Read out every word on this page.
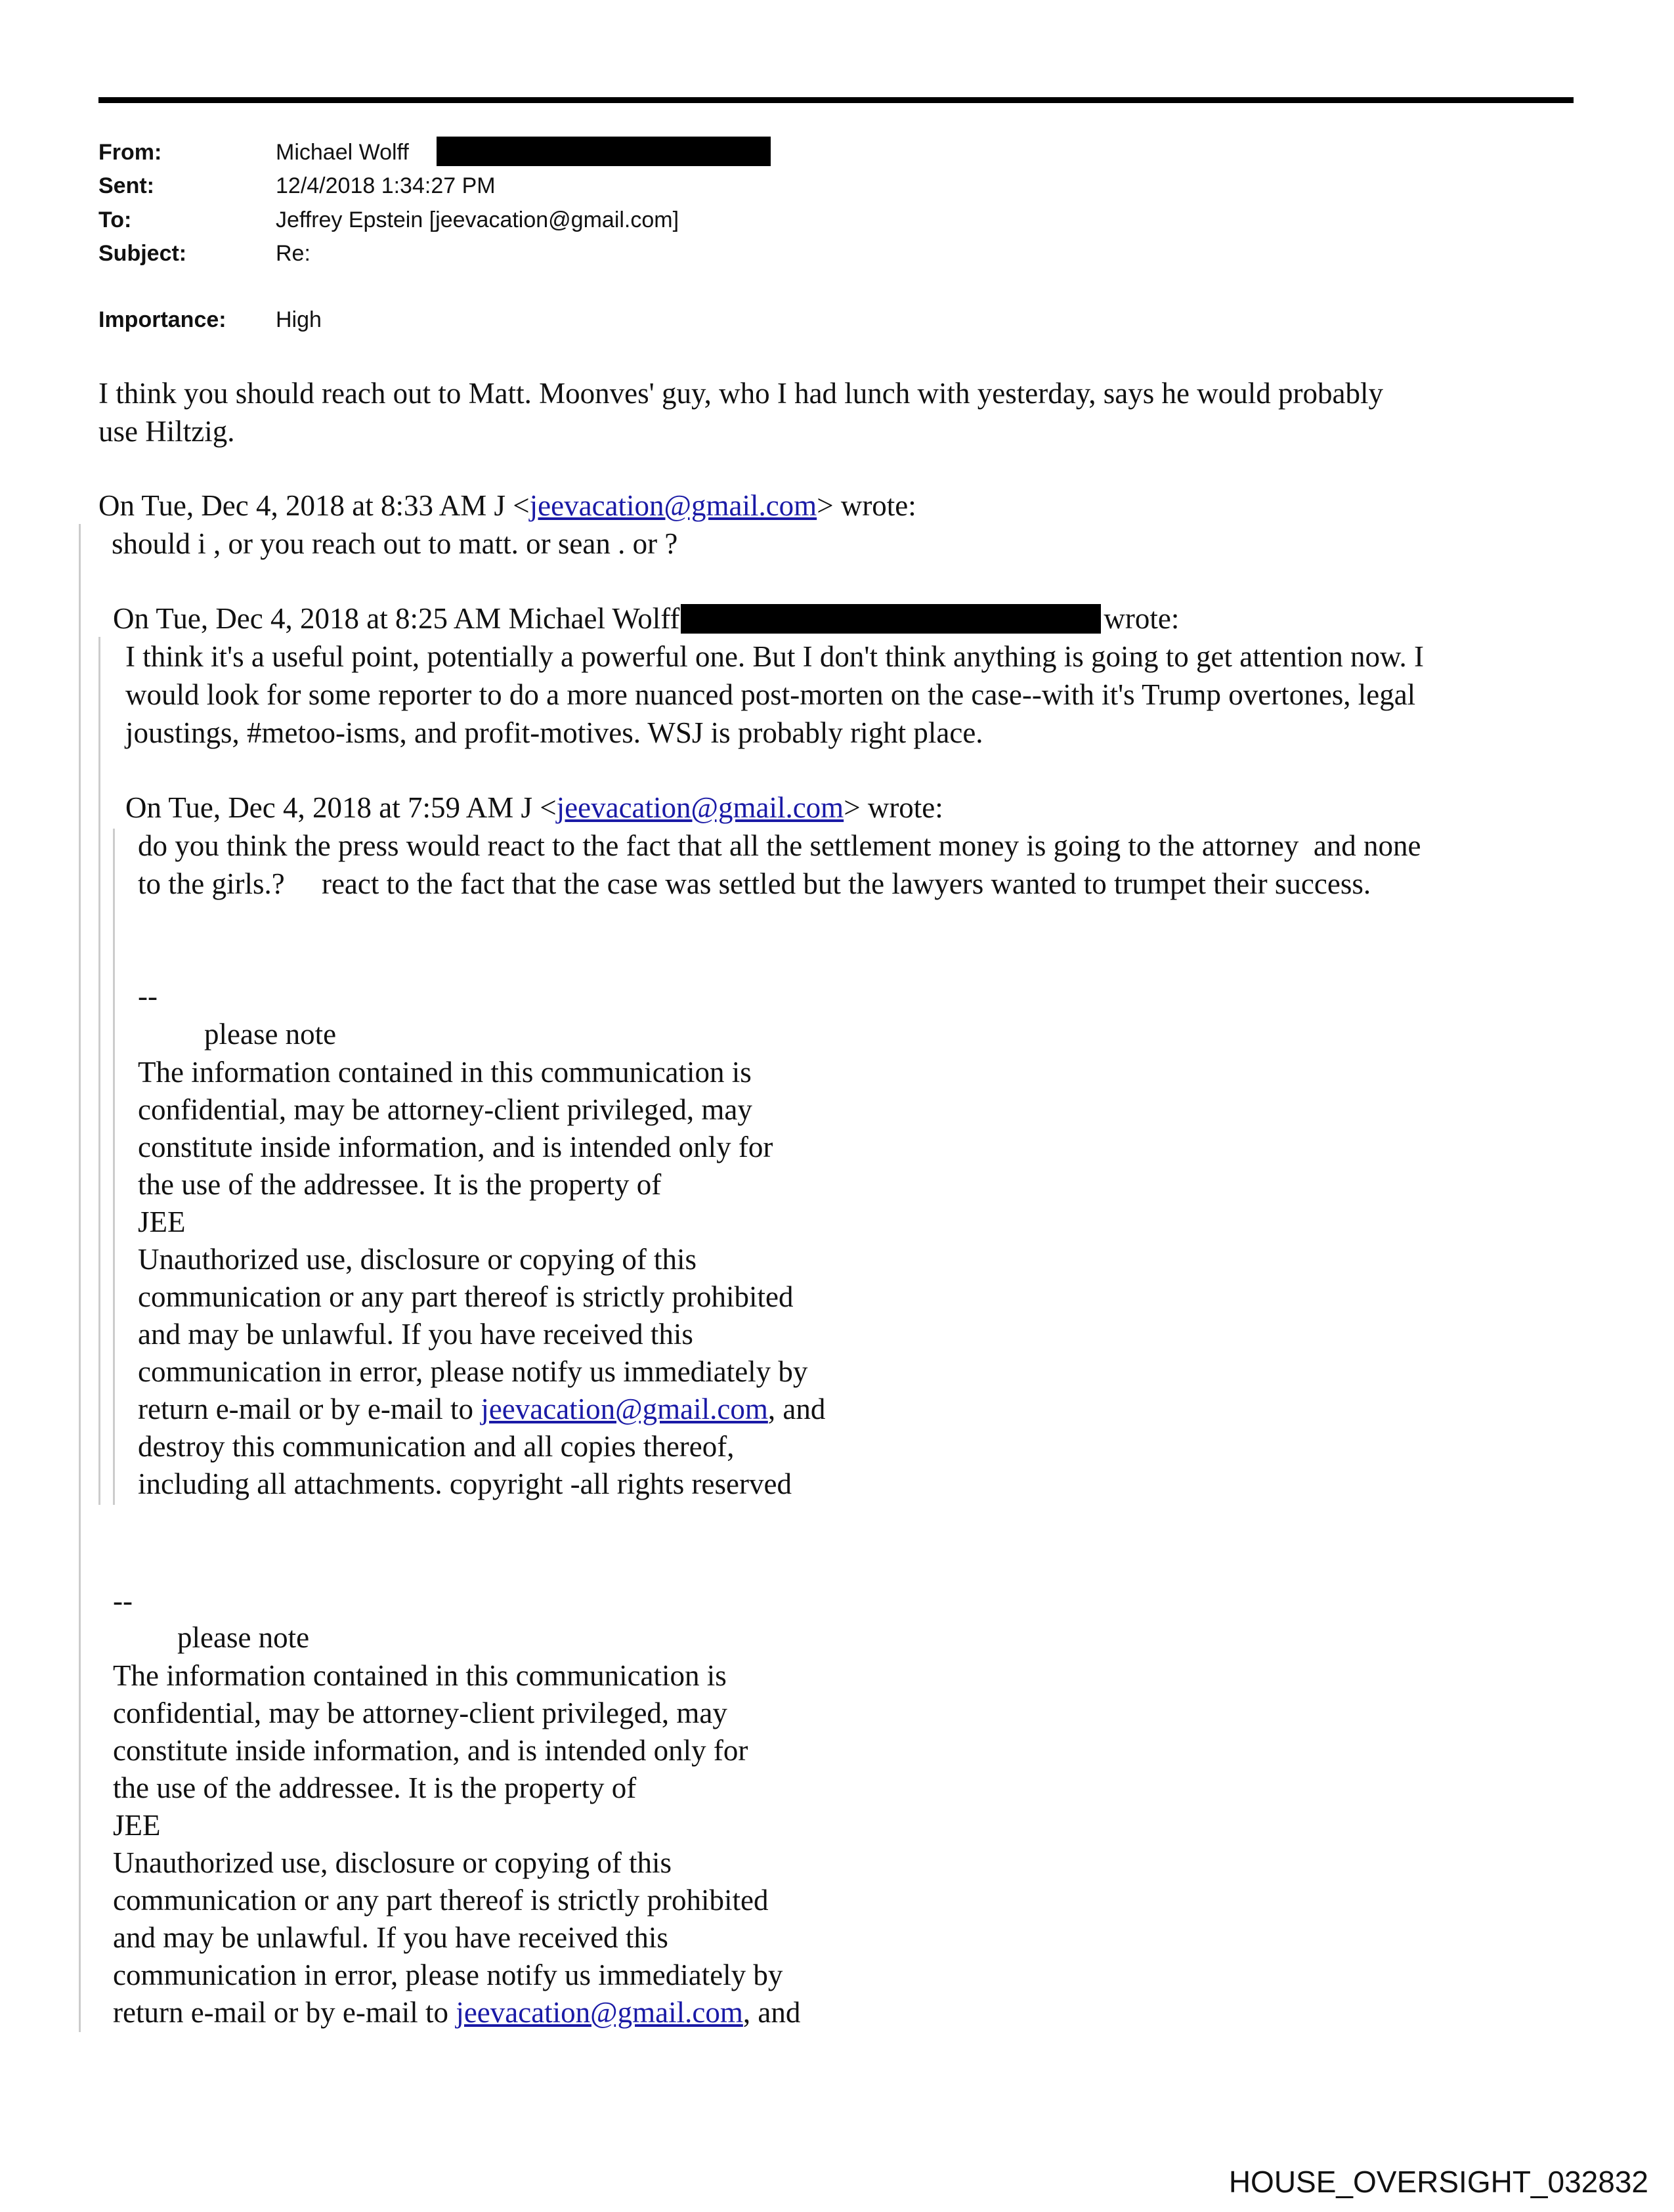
From:	Michael Wolff
Sent:	12/4/2018 1:34:27 PM
To:	Jeffrey Epstein [jeevacation@gmail.com]
Subject:	Re:
Importance: High
I think you should reach out to Matt. Moonves' guy, who I had lunch with yesterday, says he would probably
use Hiltzig.
On Tue, Dec 4, 2018 at 8:33 AM J <jeevacation@gmail.com> wrote:
should i , or you reach out to matt. or sean . or ?
On Tue, Dec 4, 2018 at 8:25 AM Michael Wolff	wrote:
I think it's a useful point, potentially a powerful one. But I don't think anything is going to get attention now. I
would look for some reporter to do a more nuanced post-morten on the case--with it's Trump overtones, legal
joustings, #metoo-isms, and profit-motives. WSJ is probably right place.
On Tue, Dec 4, 2018 at 7:59 AM J <jeevacation@gmail.com> wrote:
do you think the press would react to the fact that all the settlement money is going to the attorney  and none
to the girls.?     react to the fact that the case was settled but the lawyers wanted to trumpet their success.
--
please note
The information contained in this communication is
confidential, may be attorney-client privileged, may
constitute inside information, and is intended only for
the use of the addressee. It is the property of
JEE
Unauthorized use, disclosure or copying of this
communication or any part thereof is strictly prohibited
and may be unlawful. If you have received this
communication in error, please notify us immediately by
return e-mail or by e-mail to jeevacation@gmail.com, and
destroy this communication and all copies thereof,
including all attachments. copyright -all rights reserved
--
please note
The information contained in this communication is
confidential, may be attorney-client privileged, may
constitute inside information, and is intended only for
the use of the addressee. It is the property of
JEE
Unauthorized use, disclosure or copying of this
communication or any part thereof is strictly prohibited
and may be unlawful. If you have received this
communication in error, please notify us immediately by
return e-mail or by e-mail to jeevacation@gmail.com, and
HOUSE_OVERSIGHT_032832
